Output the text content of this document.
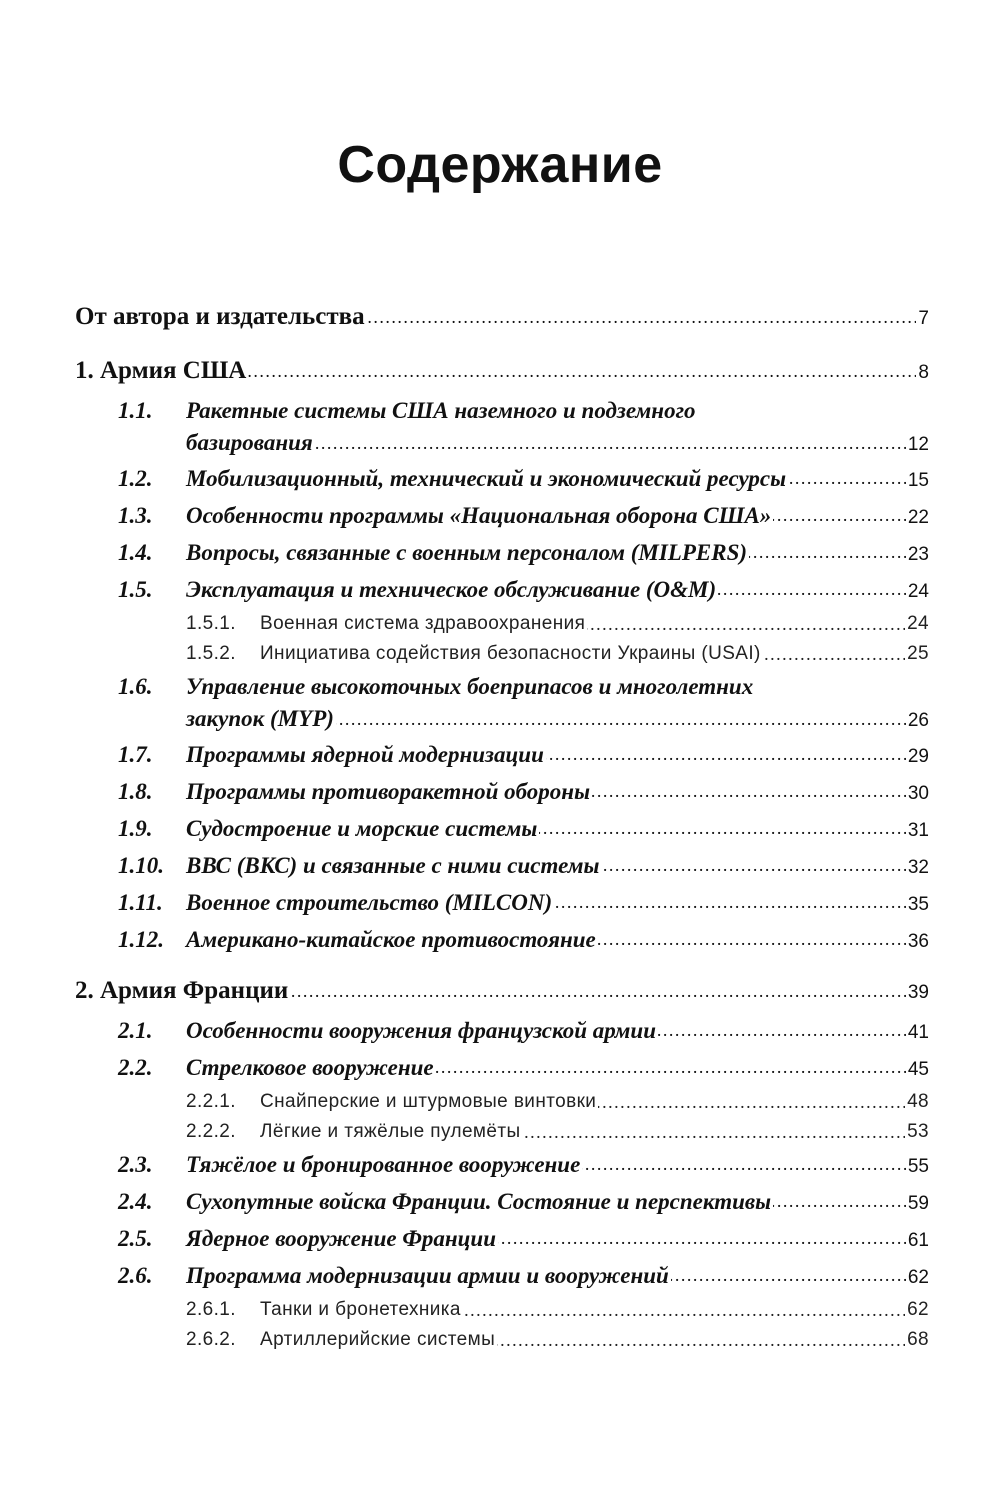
Содержание
От автора и издательства . . .	7
1. Армия США . . .	8
1.1.	Ракетные системы США наземного и подземного
базирования . . .	12
1.2.	Мобилизационный, технический и экономический ресурсы . . .	15
1.3.	Особенности программы «Национальная оборона США» . . .	22
1.4.	Вопросы, связанные с военным персоналом (MILPERS) . . .	23
1.5.	Эксплуатация и техническое обслуживание (O&M) . . .	24
1.5.1.	Военная система здравоохранения . . .	24
1.5.2.	Инициатива содействия безопасности Украины (USAI) . . .	25
1.6.	Управление высокоточных боеприпасов и многолетних
закупок (MYP) . . .	26
1.7.	Программы ядерной модернизации . . .	29
1.8.	Программы противоракетной обороны . . .	30
1.9.	Судостроение и морские системы . . .	31
1.10. ВВС (ВКС) и связанные с ними системы . . .	32
1.11.	Военное строительство (MILCON) . . .	35
1.12. Американо-китайское противостояние . . .	36
2. Армия Франции . . .	39
2.1.	Особенности вооружения французской армии . . .	41
2.2.	Стрелковое вооружение . . .	45
2.2.1.	Снайперские и штурмовые винтовки . . .	48
2.2.2.	Лёгкие и тяжёлые пулемёты . . .	53
2.3.	Тяжёлое и бронированное вооружение . . .	55
2.4.	Сухопутные войска Франции. Состояние и перспективы . . .	59
2.5.	Ядерное вооружение Франции . . .	61
2.6.	Программа модернизации армии и вооружений . . .	62
2.6.1.	Танки и бронетехника . . .	62
2.6.2.	Артиллерийские системы . . .	68
